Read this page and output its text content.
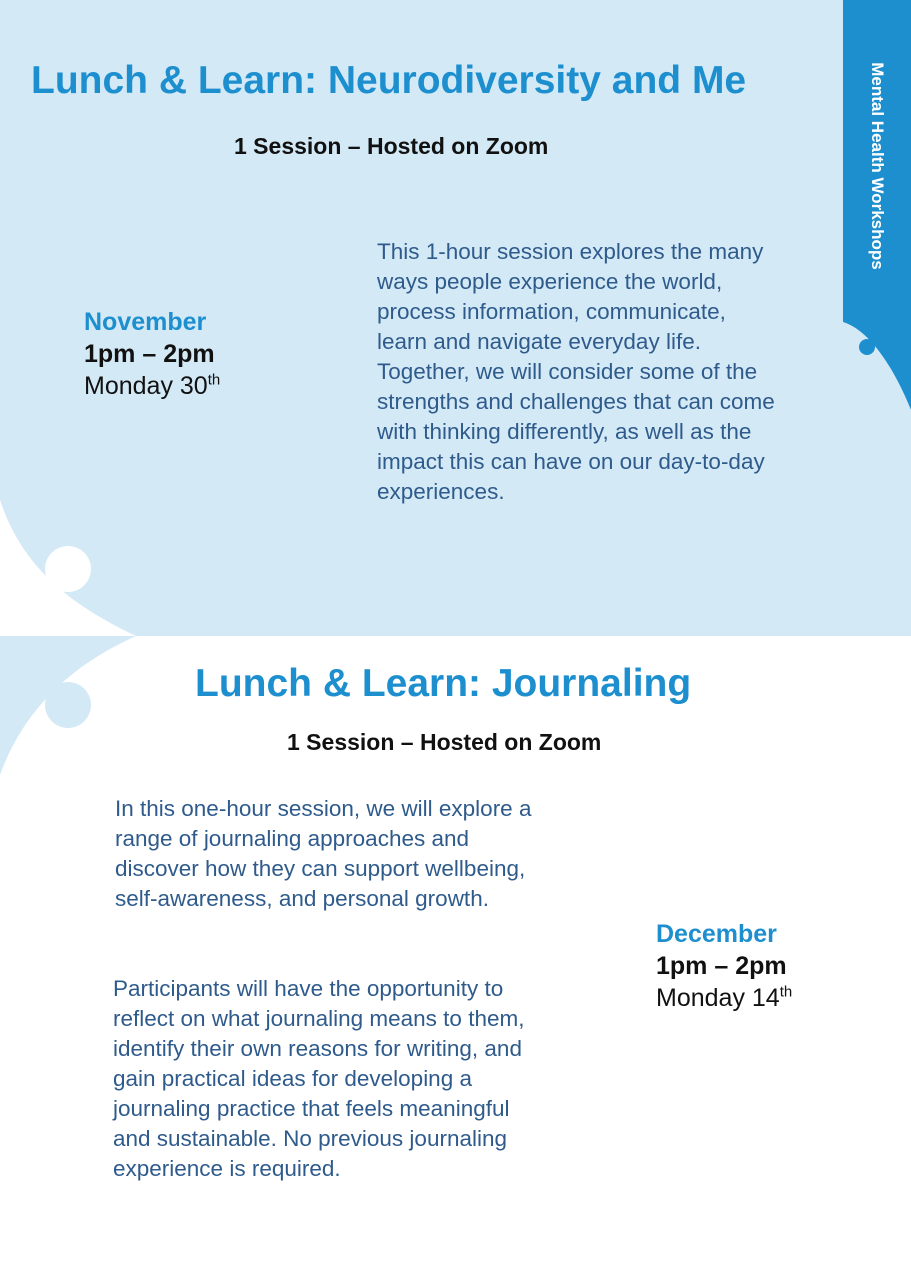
Mental Health Workshops
Lunch & Learn: Neurodiversity and Me
1 Session – Hosted on Zoom
November
1pm – 2pm
Monday 30th

This 1-hour session explores the many ways people experience the world, process information, communicate, learn and navigate everyday life. Together, we will consider some of the strengths and challenges that can come with thinking differently, as well as the impact this can have on our day-to-day experiences.

Lunch & Learn: Journaling
1 Session – Hosted on Zoom

In this one-hour session, we will explore a range of journaling approaches and discover how they can support wellbeing, self-awareness, and personal growth.

Participants will have the opportunity to reflect on what journaling means to them, identify their own reasons for writing, and gain practical ideas for developing a journaling practice that feels meaningful and sustainable. No previous journaling experience is required.

December
1pm – 2pm
Monday 14th
